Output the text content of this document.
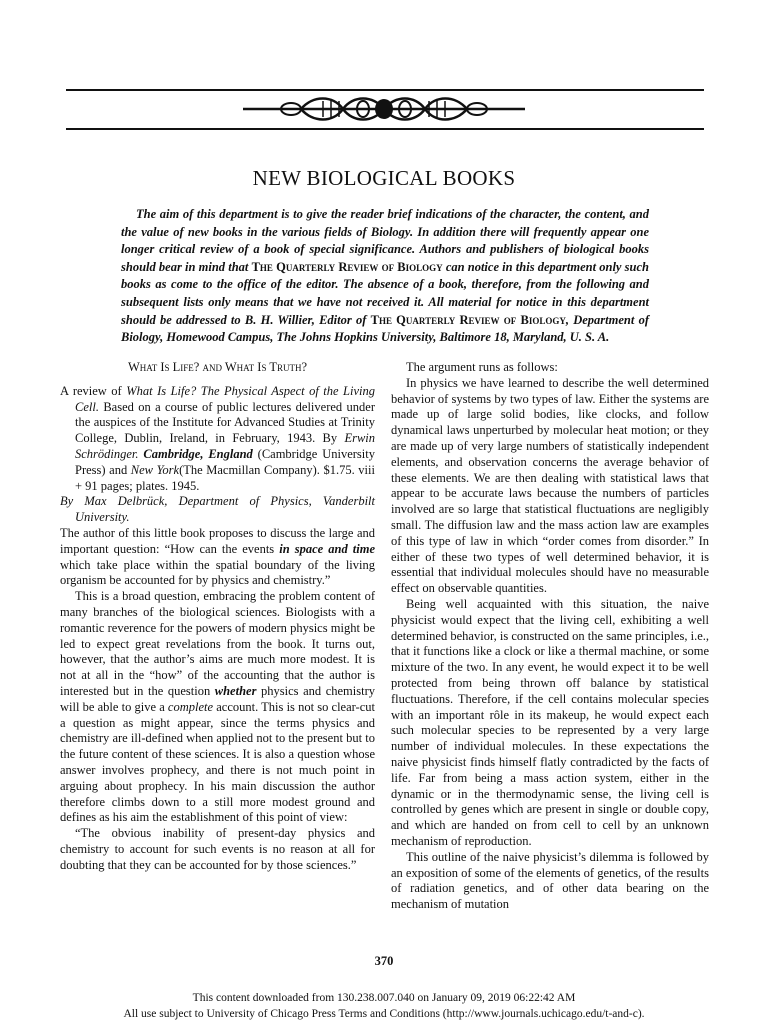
NEW BIOLOGICAL BOOKS

The aim of this department is to give the reader brief indications of the character, the content, and the value of new books in the various fields of Biology. In addition there will frequently appear one longer critical review of a book of special significance. Authors and publishers of biological books should bear in mind that The Quarterly Review of Biology can notice in this department only such books as come to the office of the editor. The absence of a book, therefore, from the following and subsequent lists only means that we have not received it. All material for notice in this department should be addressed to B. H. Willier, Editor of The Quarterly Review of Biology, Department of Biology, Homewood Campus, The Johns Hopkins University, Baltimore 18, Maryland, U. S. A.

What Is Life? and What Is Truth?

A review of What Is Life? The Physical Aspect of the Living Cell. Based on a course of public lectures delivered under the auspices of the Institute for Advanced Studies at Trinity College, Dublin, Ireland, in February, 1943. By Erwin Schrödinger. Cambridge, England (Cambridge University Press) and New York(The Macmillan Company). $1.75. viii + 91 pages; plates. 1945.

By Max Delbrück, Department of Physics, Vanderbilt University.

The author of this little book proposes to discuss the large and important question: “How can the events in space and time which take place within the spatial boundary of the living organism be accounted for by physics and chemistry.”

This is a broad question, embracing the problem content of many branches of the biological sciences. Biologists with a romantic reverence for the powers of modern physics might be led to expect great revelations from the book. It turns out, however, that the author’s aims are much more modest. It is not at all in the “how” of the accounting that the author is interested but in the question whether physics and chemistry will be able to give a complete account. This is not so clear-cut a question as might appear, since the terms physics and chemistry are ill-defined when applied not to the present but to the future content of these sciences. It is also a question whose answer involves prophecy, and there is not much point in arguing about prophecy. In his main discussion the author therefore climbs down to a still more modest ground and defines as his aim the establishment of this point of view:

“The obvious inability of present-day physics and chemistry to account for such events is no reason at all for doubting that they can be accounted for by those sciences.”

The argument runs as follows:

In physics we have learned to describe the well determined behavior of systems by two types of law. Either the systems are made up of large solid bodies, like clocks, and follow dynamical laws unperturbed by molecular heat motion; or they are made up of very large numbers of statistically independent elements, and observation concerns the average behavior of these elements. We are then dealing with statistical laws that appear to be accurate laws because the numbers of particles involved are so large that statistical fluctuations are negligibly small. The diffusion law and the mass action law are examples of this type of law in which “order comes from disorder.” In either of these two types of well determined behavior, it is essential that individual molecules should have no measurable effect on observable quantities.

Being well acquainted with this situation, the naive physicist would expect that the living cell, exhibiting a well determined behavior, is constructed on the same principles, i.e., that it functions like a clock or like a thermal machine, or some mixture of the two. In any event, he would expect it to be well protected from being thrown off balance by statistical fluctuations. Therefore, if the cell contains molecular species with an important rôle in its makeup, he would expect each such molecular species to be represented by a very large number of individual molecules. In these expectations the naive physicist finds himself flatly contradicted by the facts of life. Far from being a mass action system, either in the dynamic or in the thermodynamic sense, the living cell is controlled by genes which are present in single or double copy, and which are handed on from cell to cell by an unknown mechanism of reproduction.

This outline of the naive physicist’s dilemma is followed by an exposition of some of the elements of genetics, of the results of radiation genetics, and of other data bearing on the mechanism of mutation

370
This content downloaded from 130.238.007.040 on January 09, 2019 06:22:42 AM
All use subject to University of Chicago Press Terms and Conditions (http://www.journals.uchicago.edu/t-and-c).
